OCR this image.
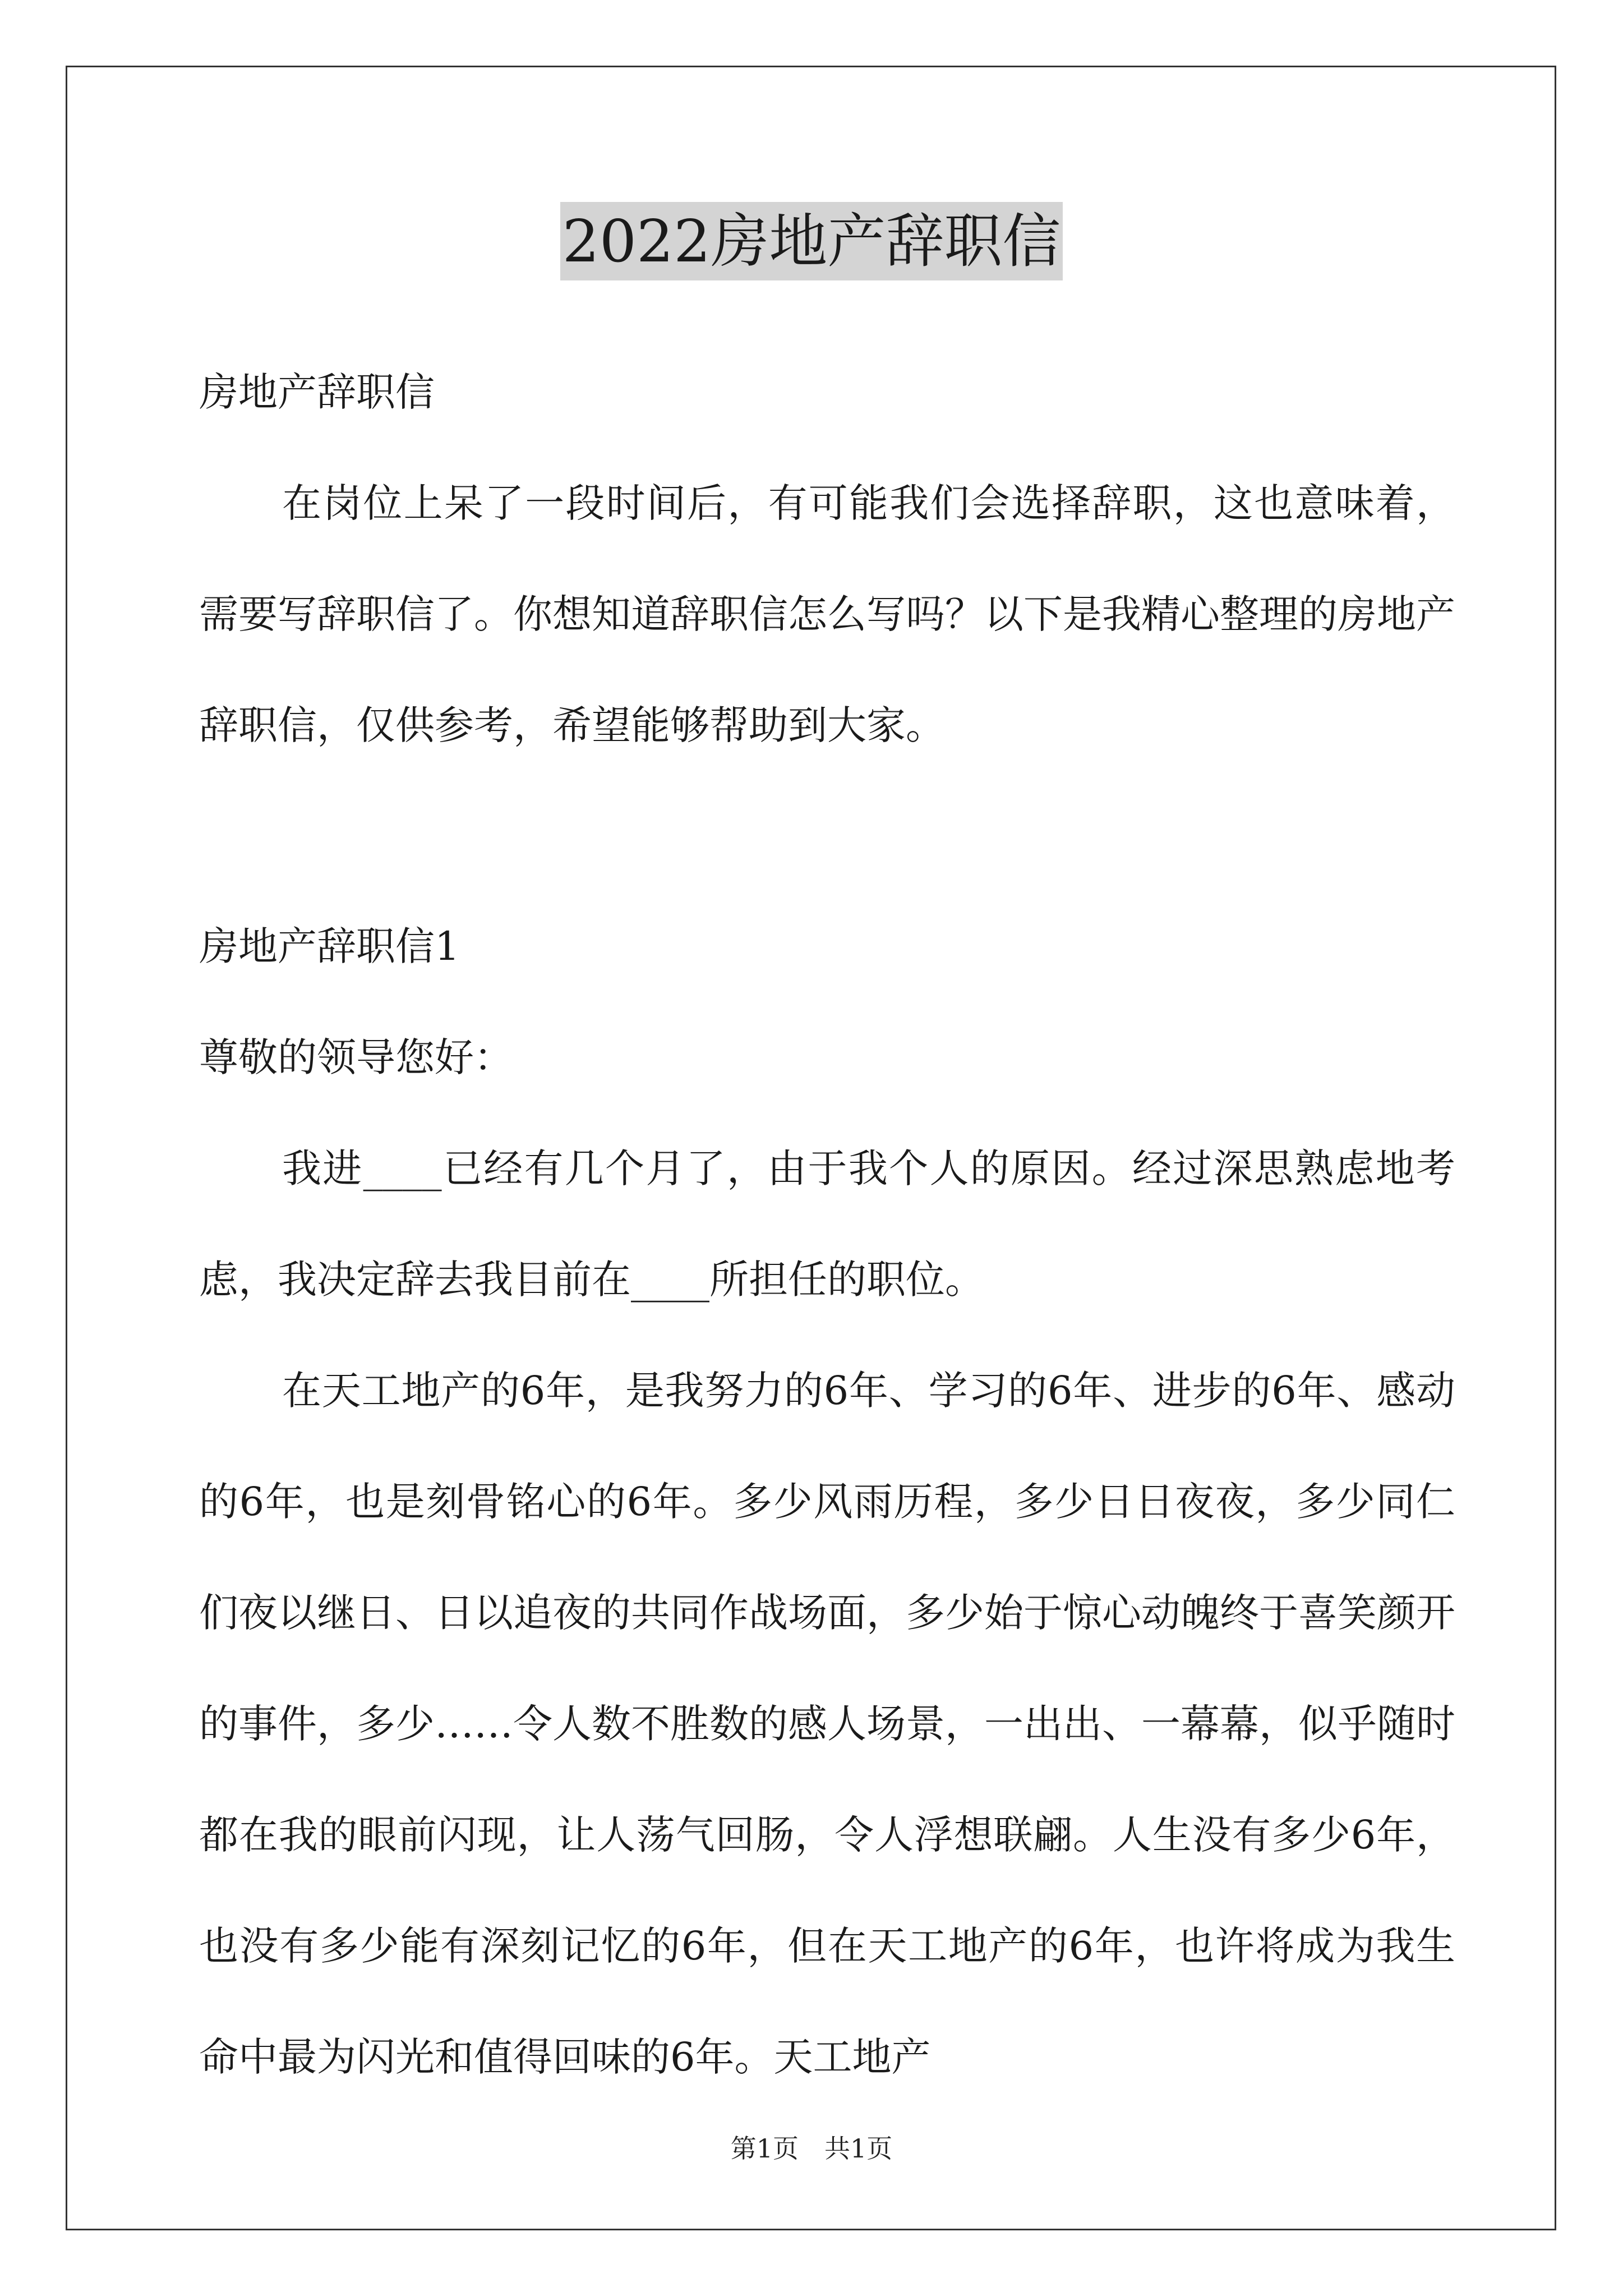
2022房地产辞职信
房地产辞职信

在岗位上呆了一段时间后，有可能我们会选择辞职，这也意味着，需要写辞职信了。你想知道辞职信怎么写吗？以下是我精心整理的房地产辞职信，仅供参考，希望能够帮助到大家。

房地产辞职信1
尊敬的领导您好：

我进____已经有几个月了，由于我个人的原因。经过深思熟虑地考虑，我决定辞去我目前在____所担任的职位。

在天工地产的6年，是我努力的6年、学习的6年、进步的6年、感动的6年，也是刻骨铭心的6年。多少风雨历程，多少日日夜夜，多少同仁们夜以继日、日以追夜的共同作战场面，多少始于惊心动魄终于喜笑颜开的事件，多少……令人数不胜数的感人场景，一出出、一幕幕，似乎随时都在我的眼前闪现，让人荡气回肠，令人浮想联翩。人生没有多少6年，也没有多少能有深刻记忆的6年，但在天工地产的6年，也许将成为我生命中最为闪光和值得回味的6年。天工地产

第1页 共1页
